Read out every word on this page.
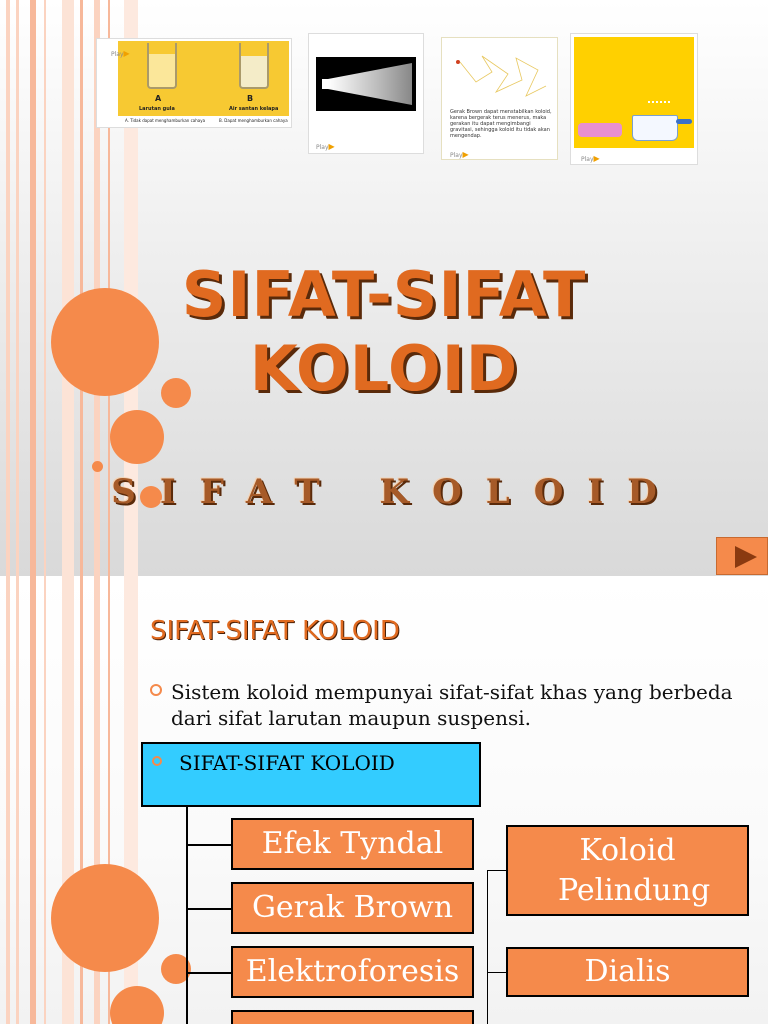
Play▶
A	B
Larutan gula	Air santan kelapa
A. Tidak dapat menghamburkan cahaya	B. Dapat menghamburkan cahaya
Play▶
Gerak Brown dapat menstabilkan koloid, karena bergerak terus menerus, maka gerakan itu dapat mengimbangi gravitasi, sehingga koloid itu tidak akan mengendap.
Play▶
Play▶
SIFAT-SIFAT
KOLOID
SIFAT KOLOID
SIFAT-SIFAT KOLOID
Sistem koloid mempunyai sifat-sifat khas yang berbeda dari sifat larutan maupun suspensi.
SIFAT-SIFAT KOLOID
Efek Tyndal
Gerak Brown
Elektroforesis
Koloid Pelindung
Dialis
